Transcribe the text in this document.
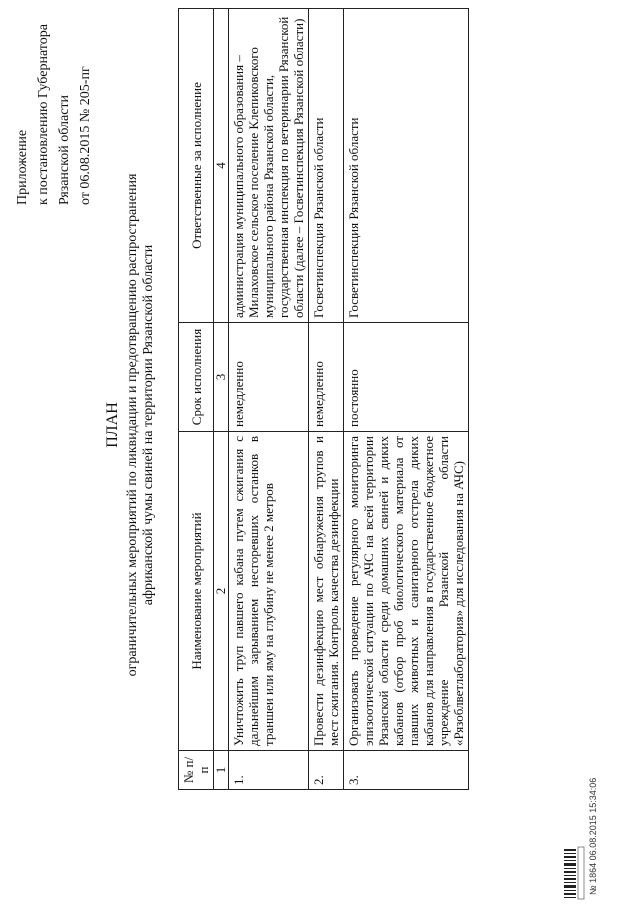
Приложение к постановлению Губернатора Рязанской области от 06.08.2015 № 205-пг
ПЛАН ограничительных мероприятий по ликвидации и предотвращению распространения африканской чумы свиней на территории Рязанской области
№ п/п	Наименование мероприятий	Срок исполнения	Ответственные за исполнение
1	2	3	4
1.	Уничтожить труп павшего кабана путем сжигания с дальнейшим зарыванием несгоревших останков в траншеи или яму на глубину не менее 2 метров	немедленно	администрация муниципального образования – Милаховское сельское поселение Клепиковского муниципального района Рязанской области, государственная инспекция по ветеринарии Рязанской области (далее – Госветинспекция Рязанской области)
2.	Провести дезинфекцию мест обнаружения трупов и мест сжигания. Контроль качества дезинфекции	немедленно	Госветинспекция Рязанской области
3.	Организовать проведение регулярного мониторинга эпизоотической ситуации по АЧС на всей территории Рязанской области среди домашних свиней и диких кабанов (отбор проб биологического материала от павших животных и санитарного отстрела диких кабанов для направления в государственное бюджетное учреждение Рязанской области «Рязоблветлаборатория» для исследования на АЧС)	постоянно	Госветинспекция Рязанской области
№ 1864 06.08.2015 15:34:06
